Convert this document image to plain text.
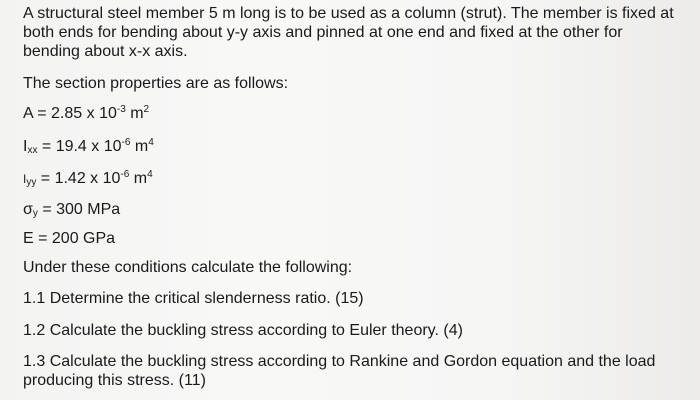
A structural steel member 5 m long is to be used as a column (strut). The member is fixed at both ends for bending about y-y axis and pinned at one end and fixed at the other for bending about x-x axis.
The section properties are as follows:
A = 2.85 x $10^{-3}$ $m^2$
$I_{xx} = 19.4$ x $10^{-6}$ $m^4$
$I_{yy} = 1.42$ x $10^{-6}$ $m^4$
$\sigma_y = 300$ MPa
E = 200 GPa
Under these conditions calculate the following:
1.1 Determine the critical slenderness ratio. (15)
1.2 Calculate the buckling stress according to Euler theory. (4)
1.3 Calculate the buckling stress according to Rankine and Gordon equation and the load producing this stress. (11)
